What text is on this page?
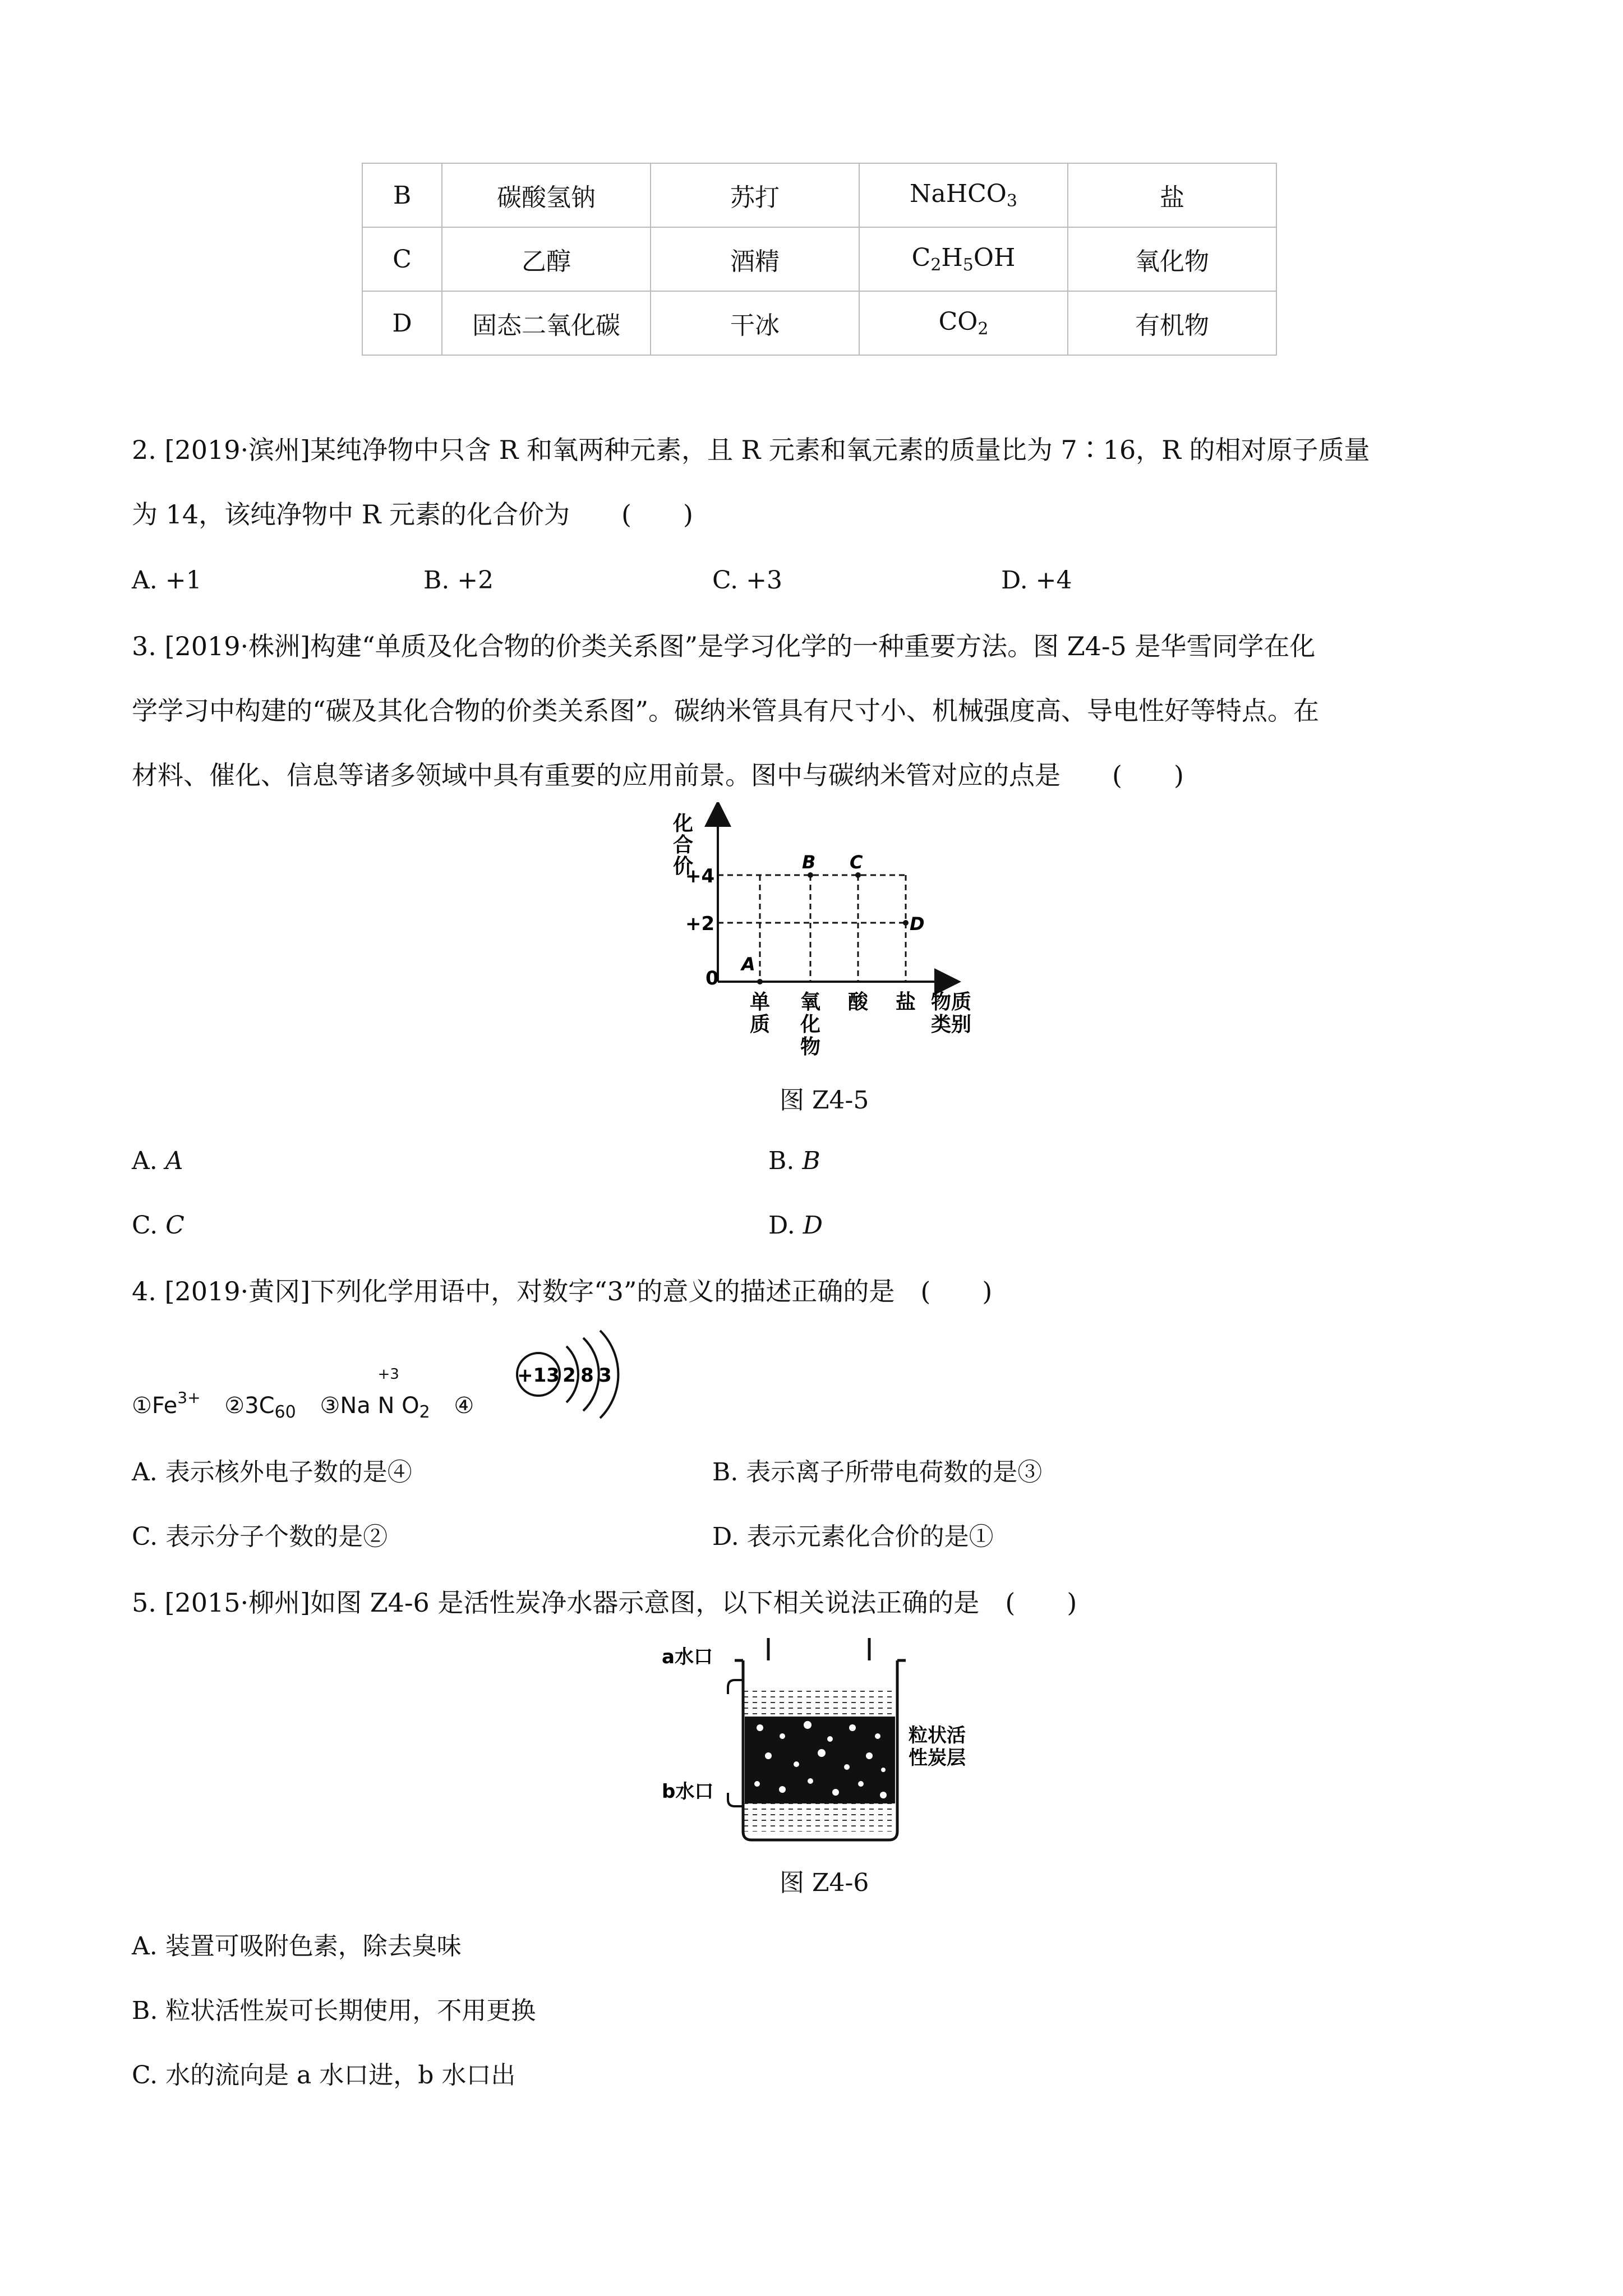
B	碳酸氢钠	苏打	NaHCO$_3$	盐
C	乙醇	酒精	$C_2H_5OH$	氧化物
D	固态二氧化碳	干冰	$CO_2$	有机物
2. [2019·滨州]某纯净物中只含 R 和氧两种元素，且 R 元素和氧元素的质量比为 7∶16，R 的相对原子质量
为 14，该纯净物中 R 元素的化合价为　　(　　)
A. +1	B. +2	C. +3	D. +4
3. [2019·株洲]构建“单质及化合物的价类关系图”是学习化学的一种重要方法。图 Z4-5 是华雪同学在化
学学习中构建的“碳及其化合物的价类关系图”。碳纳米管具有尺寸小、机械强度高、导电性好等特点。在
材料、催化、信息等诸多领域中具有重要的应用前景。图中与碳纳米管对应的点是　　(　　)
化
合
价
+4
+2
0
A
B C
D
单
质
氧
化
物
酸 盐 物质
类别
图 Z4-5
A. A	B. B
C. C	D. D
4. [2019·黄冈]下列化学用语中，对数字“3”的意义的描述正确的是　(　　)
$①Fe^{3+}$ $②3C_{60}$ ③Na
+3
N $O_2$ ④
+13 2 8 3
A. 表示核外电子数的是④	B. 表示离子所带电荷数的是③
C. 表示分子个数的是②	D. 表示元素化合价的是①
5. [2015·柳州]如图 Z4-6 是活性炭净水器示意图，以下相关说法正确的是　(　　)
a水口
b水口
粒状活
性炭层
图 Z4-6
A. 装置可吸附色素，除去臭味
B. 粒状活性炭可长期使用，不用更换
C. 水的流向是 a 水口进，b 水口出
